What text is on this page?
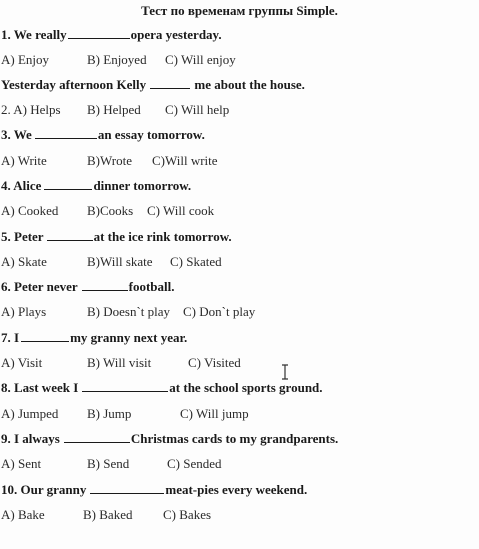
Тест по временам группы Simple.
1. We really	opera yesterday.
A) Enjoy	B) Enjoyed C) Will enjoy
Yesterday afternoon Kelly	me about the house.
2. A) Helps B) Helped C) Will help
3. We	an essay tomorrow.
A) Write	B)Wrote C)Will write
4. Alice	dinner tomorrow.
A) Cooked B)Cooks C) Will cook
5. Peter	at the ice rink tomorrow.
A) Skate	B)Will skate C) Skated
6. Peter never	football.
A) Plays	B) Doesn`t play C) Don`t play
7. I	my granny next year.
A) Visit	B) Will visit	C) Visited
8. Last week I	at the school sports ground.
A) Jumped B) Jump	C) Will jump
9. I always	Christmas cards to my grandparents.
A) Sent	B) Send	C) Sended
10. Our granny	meat-pies every weekend.
A) Bake	B) Baked C) Bakes
